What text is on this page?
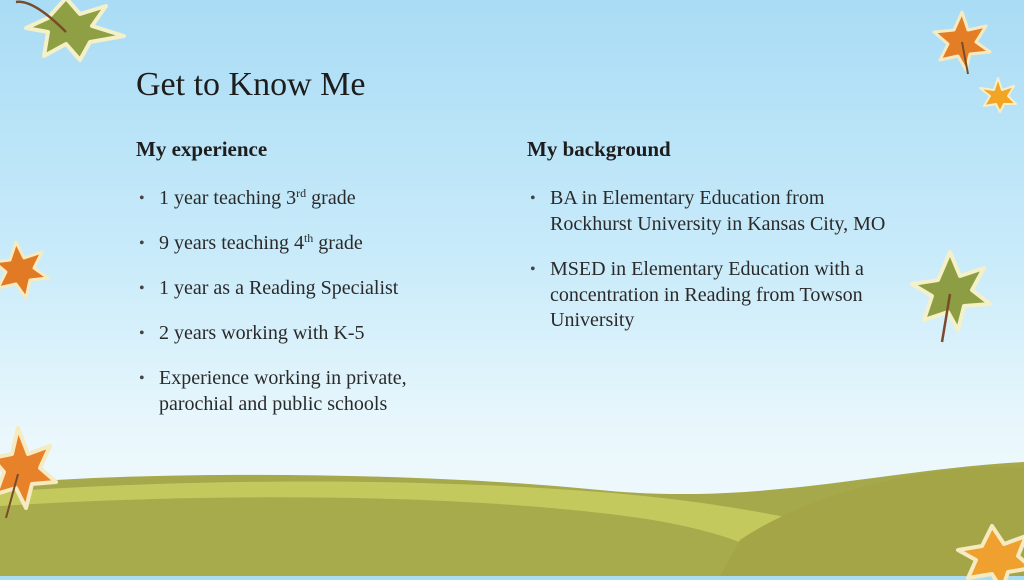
Get to Know Me
My experience
• 1 year teaching 3rd grade
• 9 years teaching 4th grade
• 1 year as a Reading Specialist
• 2 years working with K-5
• Experience working in private, parochial and public schools
My background
• BA in Elementary Education from Rockhurst University in Kansas City, MO
• MSED in Elementary Education with a concentration in Reading from Towson University
